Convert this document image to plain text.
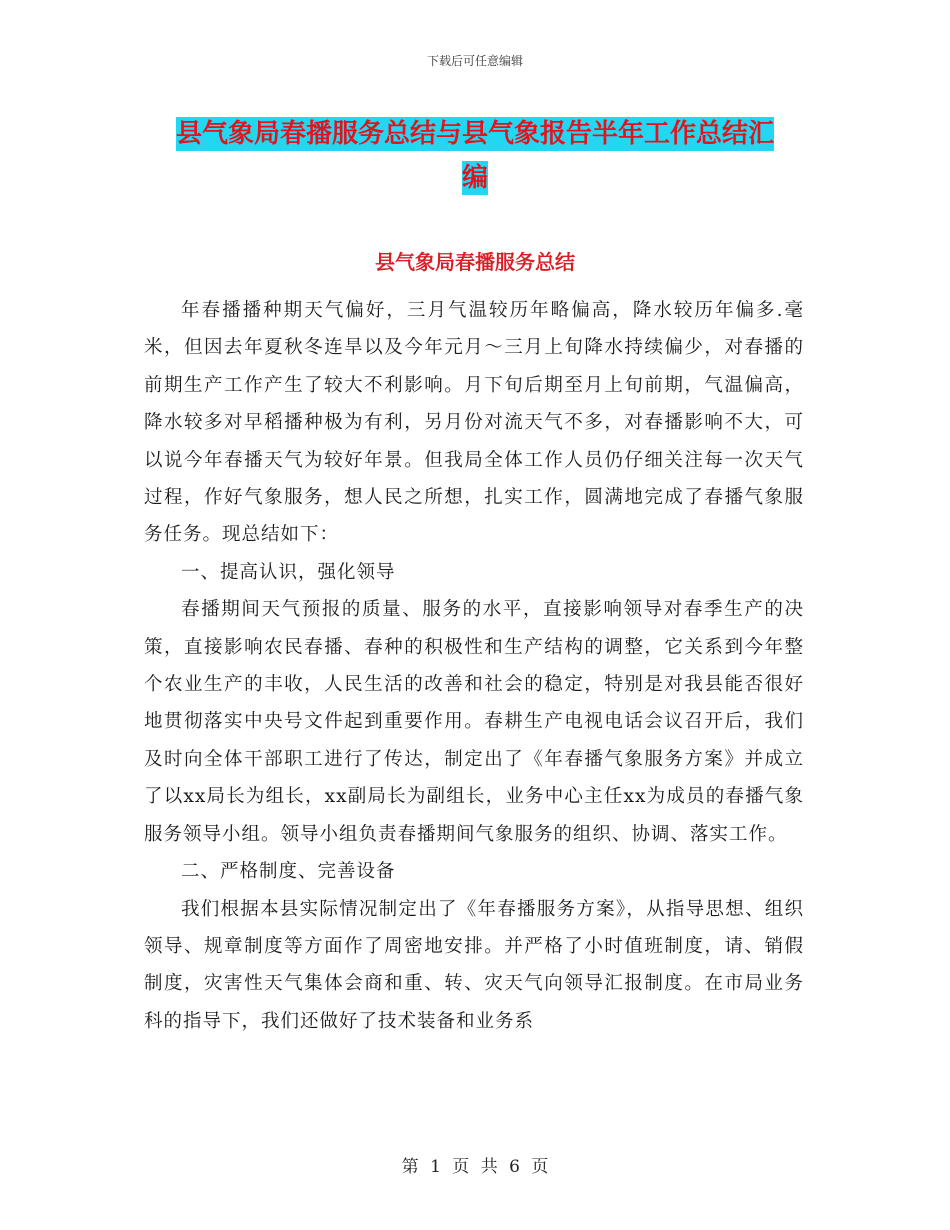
下载后可任意编辑
县气象局春播服务总结与县气象报告半年工作总结汇
编
县气象局春播服务总结

年春播播种期天气偏好，三月气温较历年略偏高，降水较历年偏多.毫米，但因去年夏秋冬连旱以及今年元月～三月上旬降水持续偏少，对春播的前期生产工作产生了较大不利影响。月下旬后期至月上旬前期，气温偏高，降水较多对早稻播种极为有利，另月份对流天气不多，对春播影响不大，可以说今年春播天气为较好年景。但我局全体工作人员仍仔细关注每一次天气过程，作好气象服务，想人民之所想，扎实工作，圆满地完成了春播气象服务任务。现总结如下：

一、提高认识，强化领导

春播期间天气预报的质量、服务的水平，直接影响领导对春季生产的决策，直接影响农民春播、春种的积极性和生产结构的调整，它关系到今年整个农业生产的丰收，人民生活的改善和社会的稳定，特别是对我县能否很好地贯彻落实中央号文件起到重要作用。春耕生产电视电话会议召开后，我们及时向全体干部职工进行了传达，制定出了《年春播气象服务方案》并成立了以xx局长为组长，xx副局长为副组长，业务中心主任xx为成员的春播气象服务领导小组。领导小组负责春播期间气象服务的组织、协调、落实工作。

二、严格制度、完善设备

我们根据本县实际情况制定出了《年春播服务方案》，从指导思想、组织领导、规章制度等方面作了周密地安排。并严格了小时值班制度，请、销假制度，灾害性天气集体会商和重、转、灾天气向领导汇报制度。在市局业务科的指导下，我们还做好了技术装备和业务系

第 1 页 共 6 页
